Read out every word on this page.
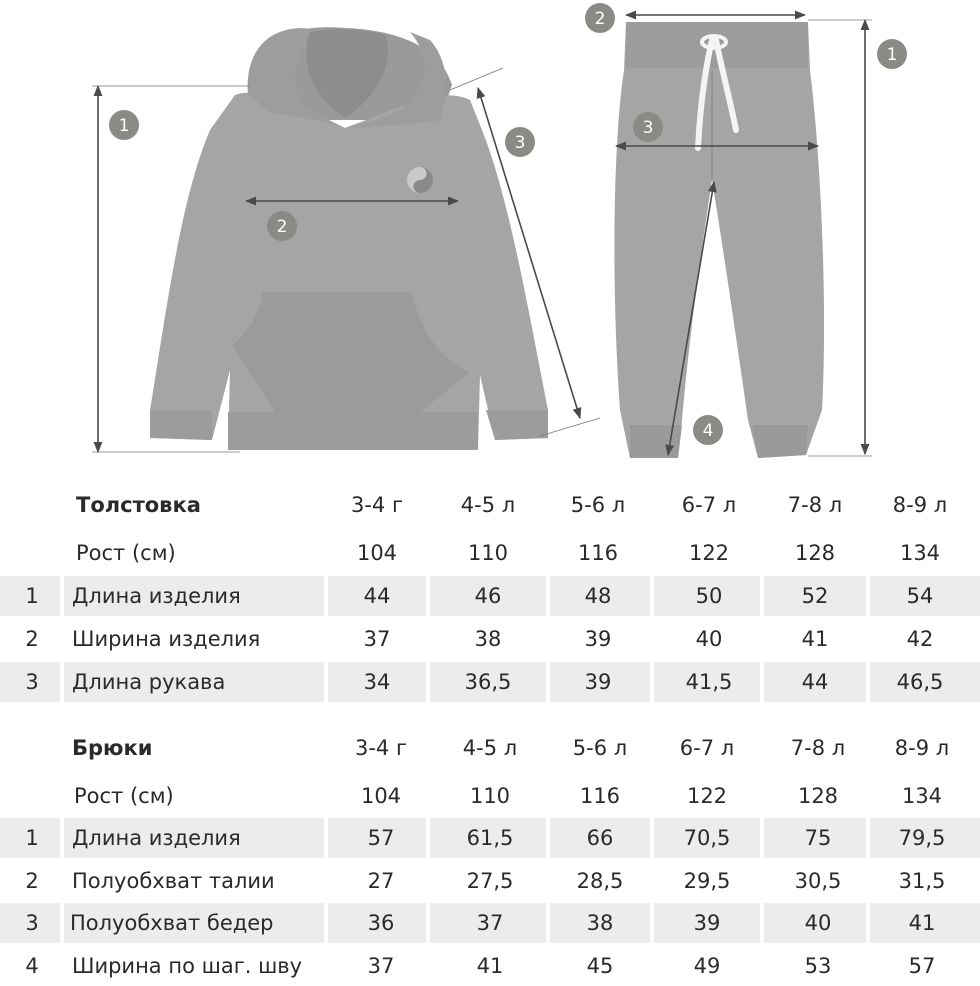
1
2
3
1
2
3
4
Толстовка	3-4 г	4-5 л	5-6 л	6-7 л	7-8 л	8-9 л
Рост (см)	104	110	116	122	128	134
1 Длина изделия	44	46	48	50	52	54
2 Ширина изделия	37	38	39	40	41	42
3 Длина рукава	34	36,5	39	41,5	44	46,5
Брюки	3-4 г	4-5 л	5-6 л	6-7 л	7-8 л	8-9 л
Рост (см)	104	110	116	122	128	134
1 Длина изделия	57	61,5	66	70,5	75	79,5
2 Полуобхват талии	27	27,5	28,5	29,5	30,5	31,5
3 Полуобхват бедер	36	37	38	39	40	41
4 Ширина по шаг. шву	37	41	45	49	53	57
